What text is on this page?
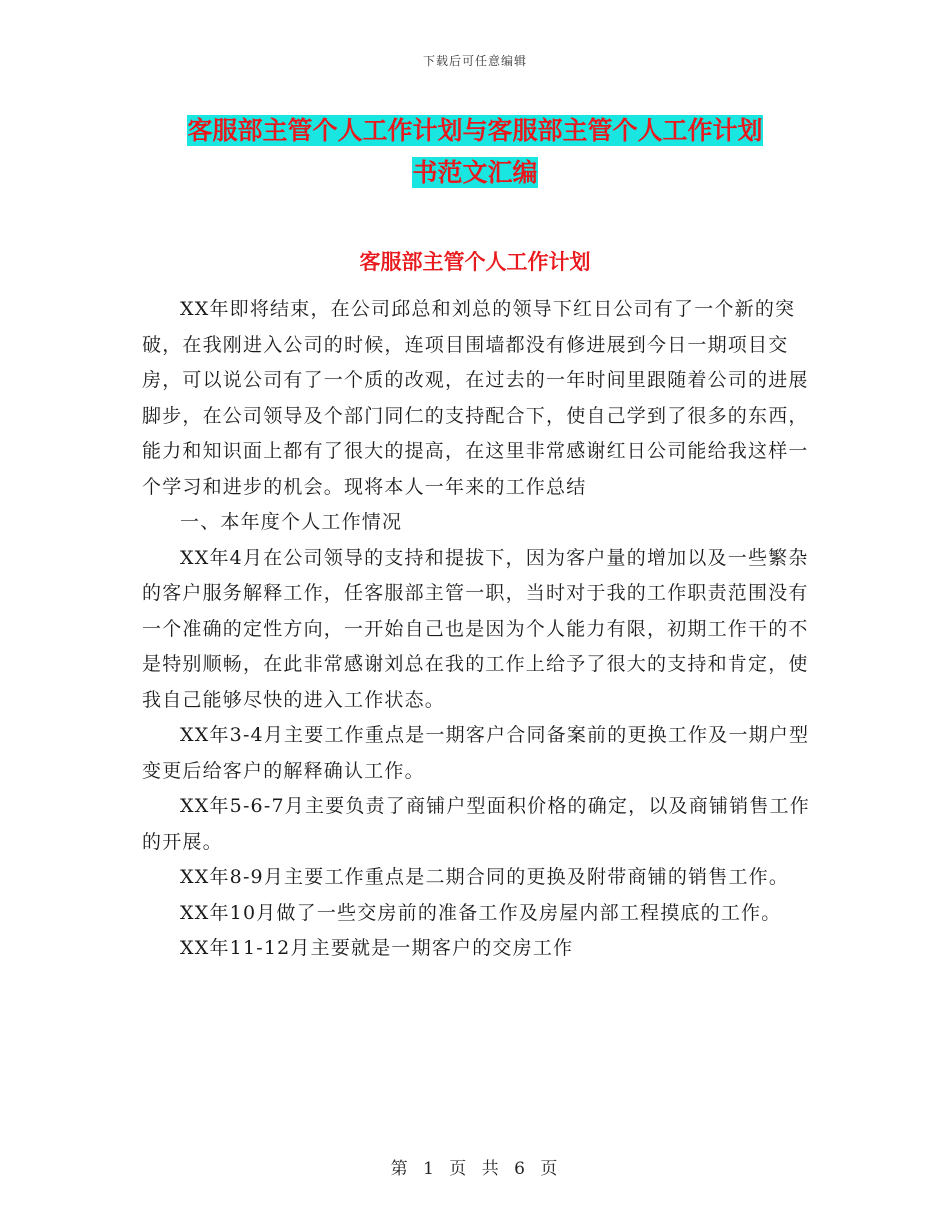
下载后可任意编辑
客服部主管个人工作计划与客服部主管个人工作计划
书范文汇编
客服部主管个人工作计划

XX年即将结束，在公司邱总和刘总的领导下红日公司有了一个新的突破，在我刚进入公司的时候，连项目围墙都没有修进展到今日一期项目交房，可以说公司有了一个质的改观，在过去的一年时间里跟随着公司的进展脚步，在公司领导及个部门同仁的支持配合下，使自己学到了很多的东西，能力和知识面上都有了很大的提高，在这里非常感谢红日公司能给我这样一个学习和进步的机会。现将本人一年来的工作总结

一、本年度个人工作情况

XX年4月在公司领导的支持和提拔下，因为客户量的增加以及一些繁杂的客户服务解释工作，任客服部主管一职，当时对于我的工作职责范围没有一个准确的定性方向，一开始自己也是因为个人能力有限，初期工作干的不是特别顺畅，在此非常感谢刘总在我的工作上给予了很大的支持和肯定，使我自己能够尽快的进入工作状态。

XX年3-4月主要工作重点是一期客户合同备案前的更换工作及一期户型变更后给客户的解释确认工作。

XX年5-6-7月主要负责了商铺户型面积价格的确定，以及商铺销售工作的开展。

XX年8-9月主要工作重点是二期合同的更换及附带商铺的销售工作。

XX年10月做了一些交房前的准备工作及房屋内部工程摸底的工作。

XX年11-12月主要就是一期客户的交房工作

第 1 页 共 6 页
